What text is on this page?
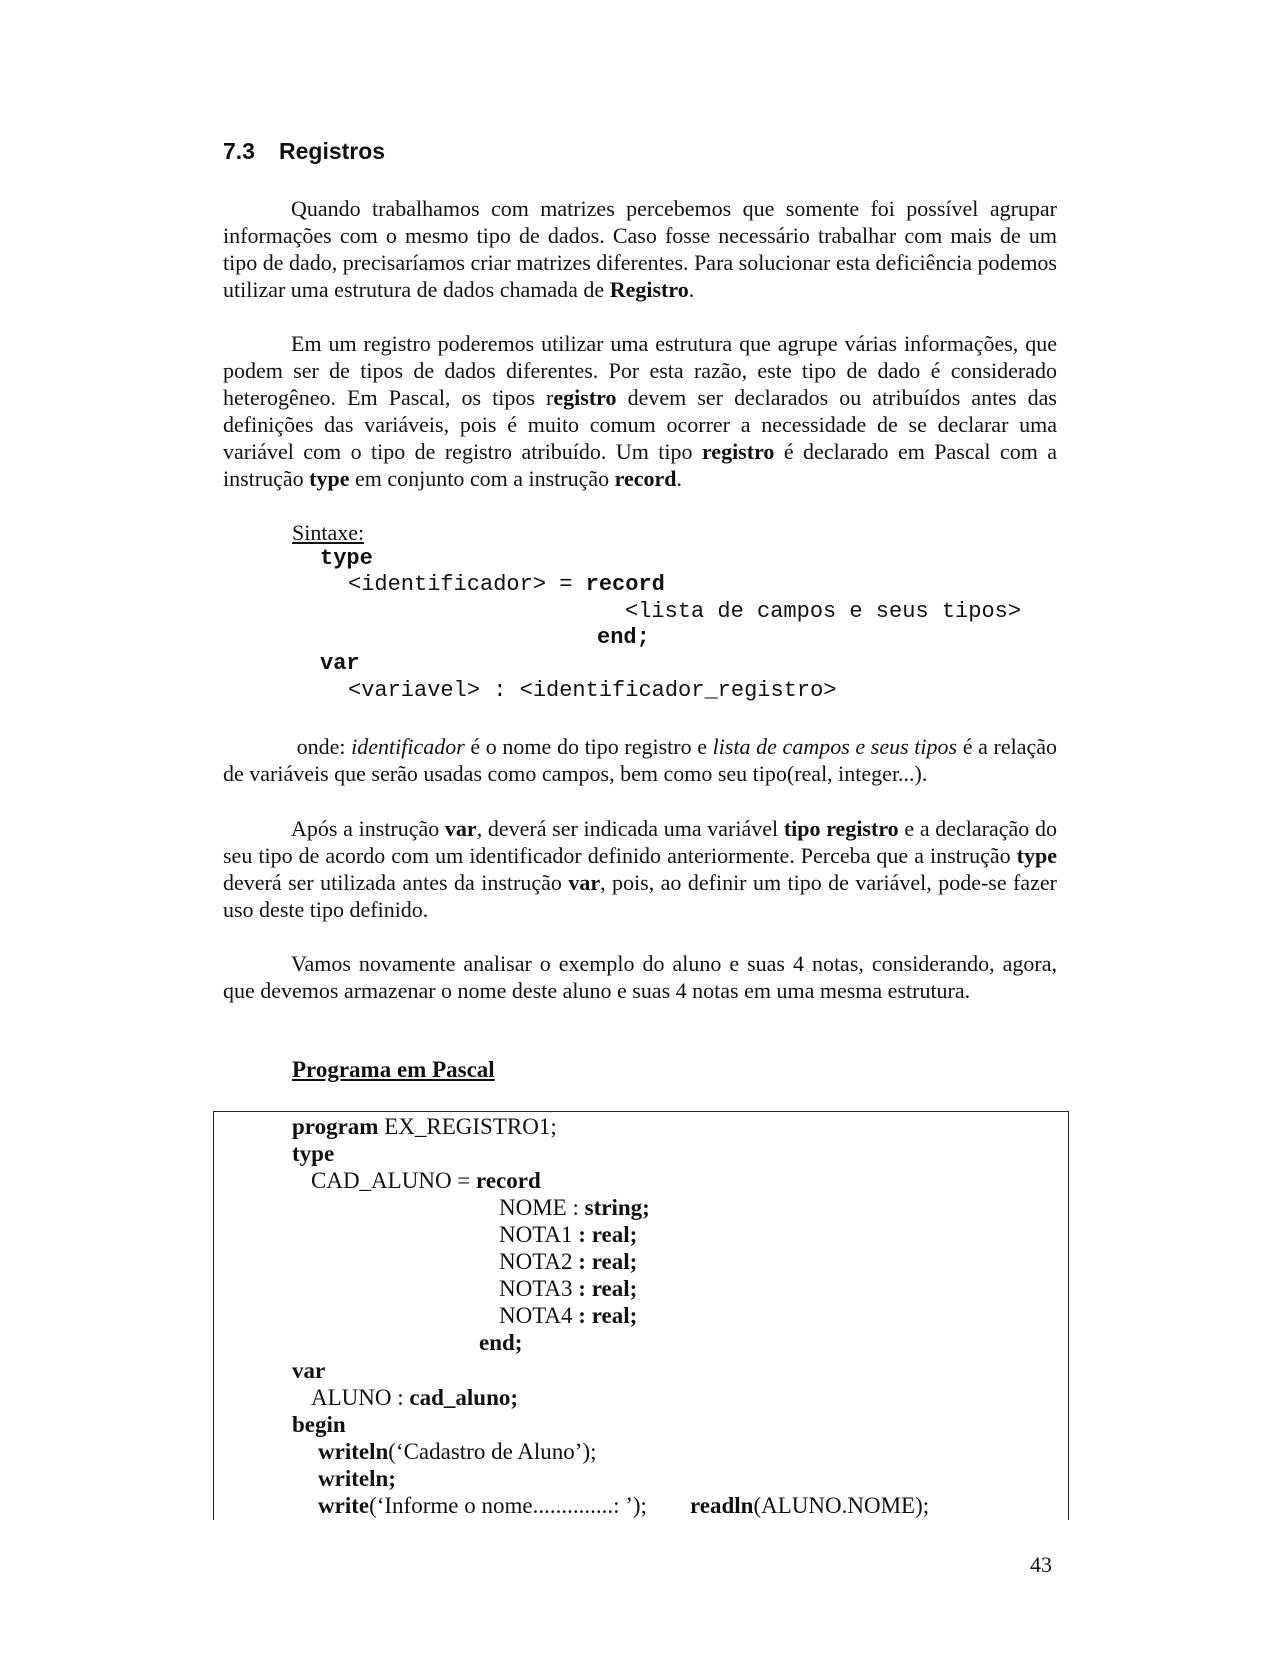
7.3 Registros

Quando trabalhamos com matrizes percebemos que somente foi possível agrupar informações com o mesmo tipo de dados. Caso fosse necessário trabalhar com mais de um tipo de dado, precisaríamos criar matrizes diferentes. Para solucionar esta deficiência podemos utilizar uma estrutura de dados chamada de Registro.

Em um registro poderemos utilizar uma estrutura que agrupe várias informações, que podem ser de tipos de dados diferentes. Por esta razão, este tipo de dado é considerado heterogêneo. Em Pascal, os tipos registro devem ser declarados ou atribuídos antes das definições das variáveis, pois é muito comum ocorrer a necessidade de se declarar uma variável com o tipo de registro atribuído. Um tipo registro é declarado em Pascal com a instrução type em conjunto com a instrução record.

Sintaxe:
type
<identificador> = record
<lista de campos e seus tipos>
end;
var
<variavel> : <identificador_registro>

onde: identificador é o nome do tipo registro e lista de campos e seus tipos é a relação de variáveis que serão usadas como campos, bem como seu tipo(real, integer...).

Após a instrução var, deverá ser indicada uma variável tipo registro e a declaração do seu tipo de acordo com um identificador definido anteriormente. Perceba que a instrução type deverá ser utilizada antes da instrução var, pois, ao definir um tipo de variável, pode-se fazer uso deste tipo definido.

Vamos novamente analisar o exemplo do aluno e suas 4 notas, considerando, agora, que devemos armazenar o nome deste aluno e suas 4 notas em uma mesma estrutura.

Programa em Pascal
program EX_REGISTRO1;
type
CAD_ALUNO = record
NOME : string;
NOTA1 : real;
NOTA2 : real;
NOTA3 : real;
NOTA4 : real;
end;
var
ALUNO : cad_aluno;
begin
writeln(‘Cadastro de Aluno’);
writeln;
write(‘Informe o nome..............: ’); readln(ALUNO.NOME);
43
